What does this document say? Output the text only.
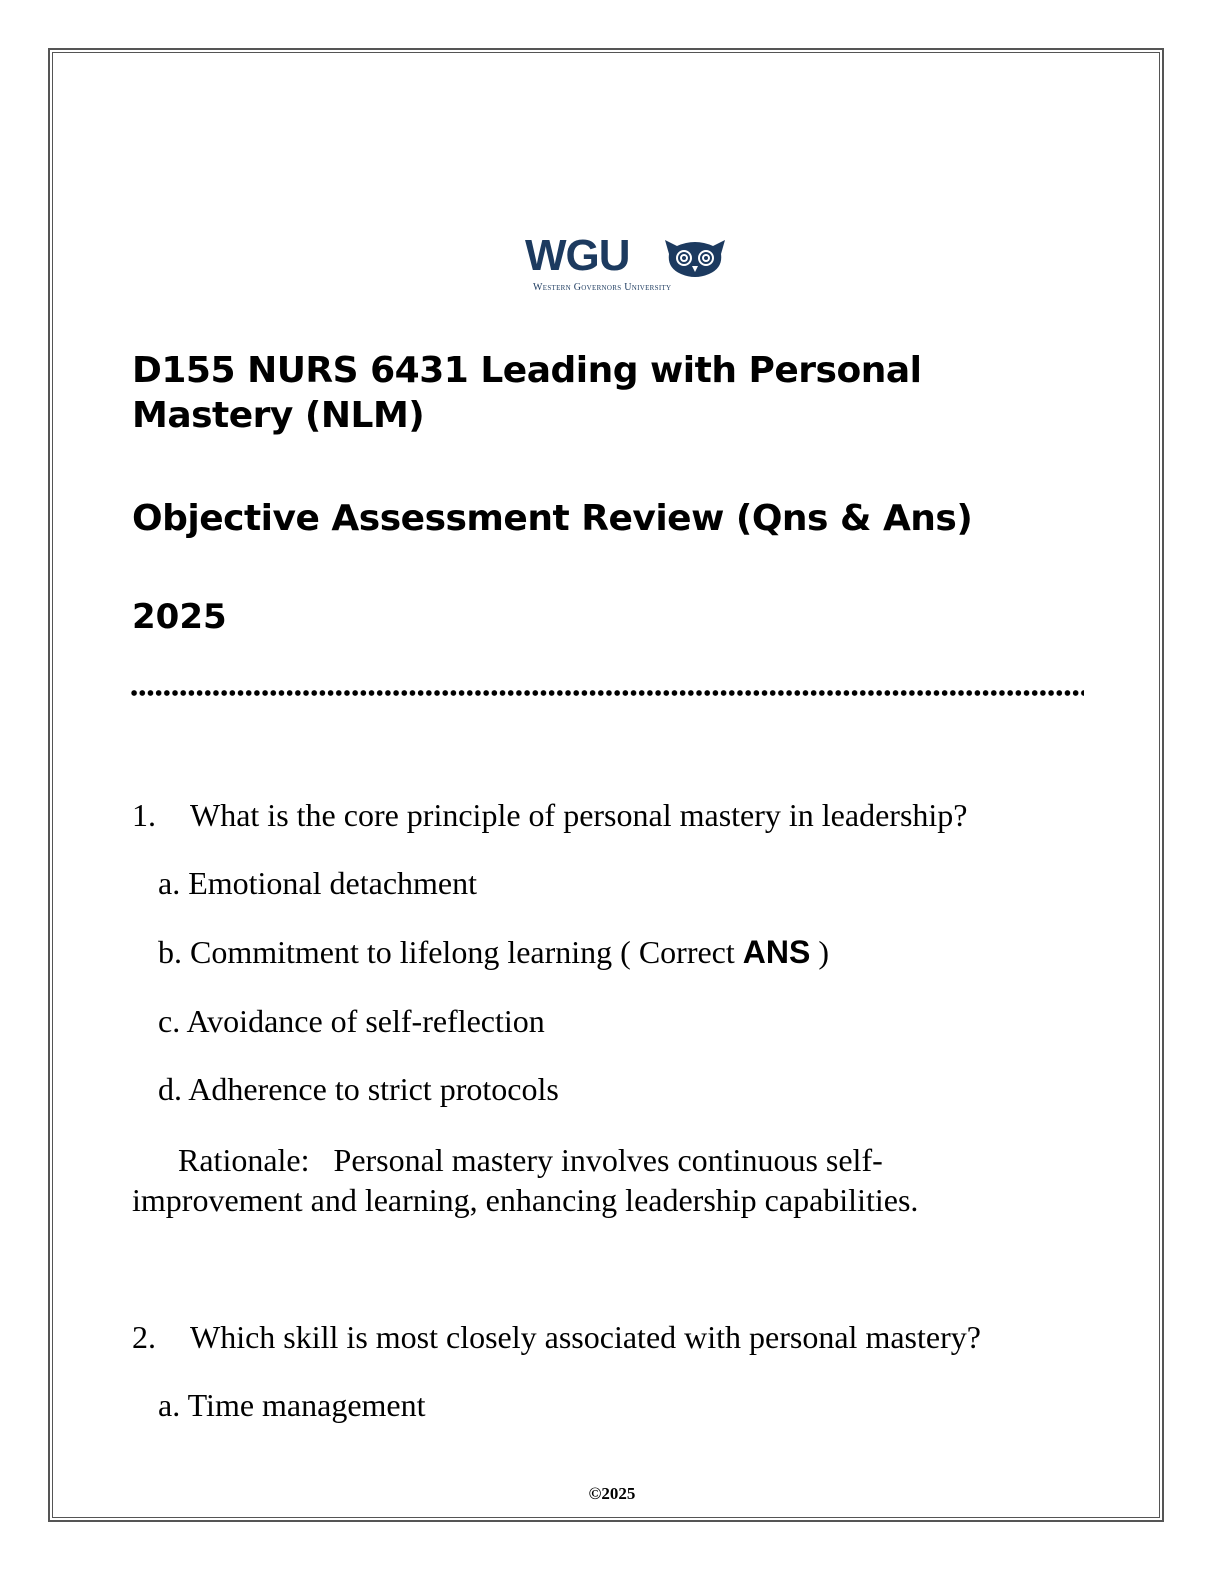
WGU
Western Governors University
D155 NURS 6431 Leading with Personal Mastery (NLM)
Objective Assessment Review (Qns & Ans)
2025
1. What is the core principle of personal mastery in leadership?
a. Emotional detachment
b. Commitment to lifelong learning ( Correct ANS )
c. Avoidance of self-reflection
d. Adherence to strict protocols
Rationale: Personal mastery involves continuous self-improvement and learning, enhancing leadership capabilities.
2. Which skill is most closely associated with personal mastery?
a. Time management
©2025
